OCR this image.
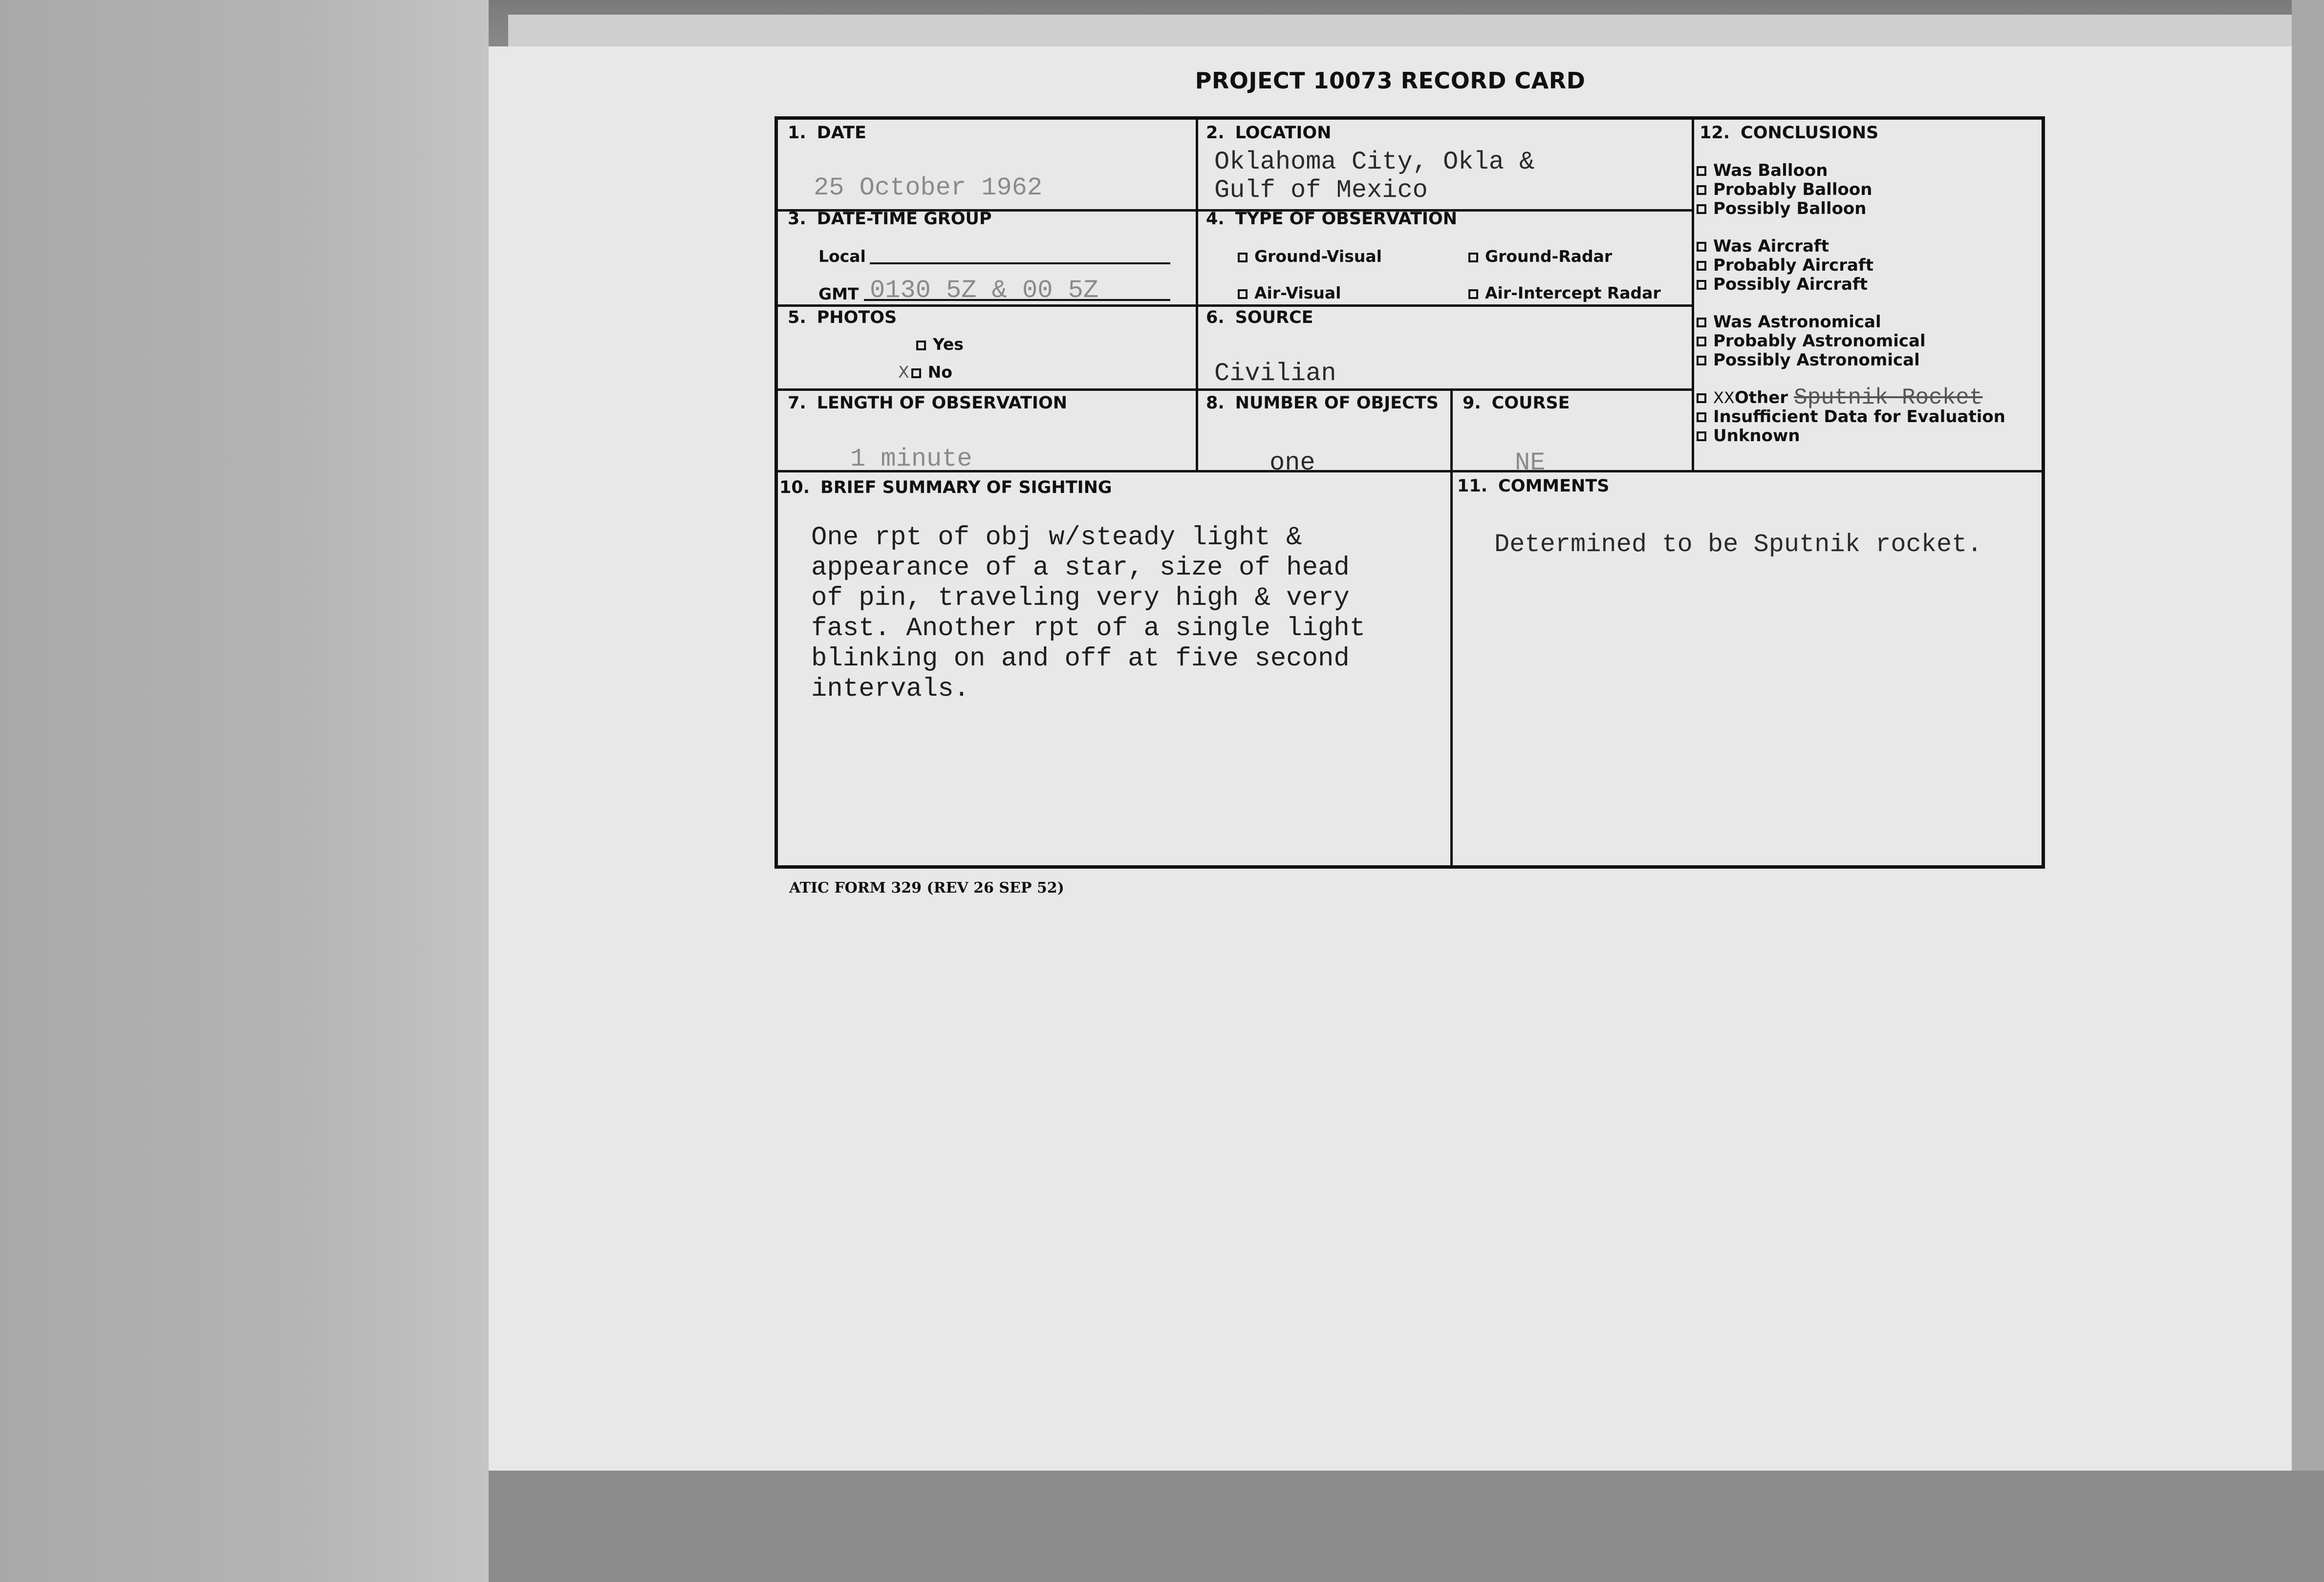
PROJECT 10073 RECORD CARD
1. DATE
25 October 1962
2. LOCATION
Oklahoma City, Okla &
Gulf of Mexico
3. DATE-TIME GROUP
Local
GMT 0130 5Z & 00 5Z
4. TYPE OF OBSERVATION
Ground-Visual	Ground-Radar
Air-Visual	Air-Intercept Radar
5. PHOTOS
Yes
X No
6. SOURCE
Civilian
7. LENGTH OF OBSERVATION
1 minute
8. NUMBER OF OBJECTS
one
9. COURSE
NE
10. BRIEF SUMMARY OF SIGHTING
One rpt of obj w/steady light &
appearance of a star, size of head
of pin, traveling very high & very
fast. Another rpt of a single light
blinking on and off at five second
intervals.
11. COMMENTS
Determined to be Sputnik rocket.
12. CONCLUSIONS
Was Balloon
Probably Balloon
Possibly Balloon
Was Aircraft
Probably Aircraft
Possibly Aircraft
Was Astronomical
Probably Astronomical
Possibly Astronomical
XX Other Sputnik Rocket
Insufficient Data for Evaluation
Unknown
ATIC FORM 329 (REV 26 SEP 52)
